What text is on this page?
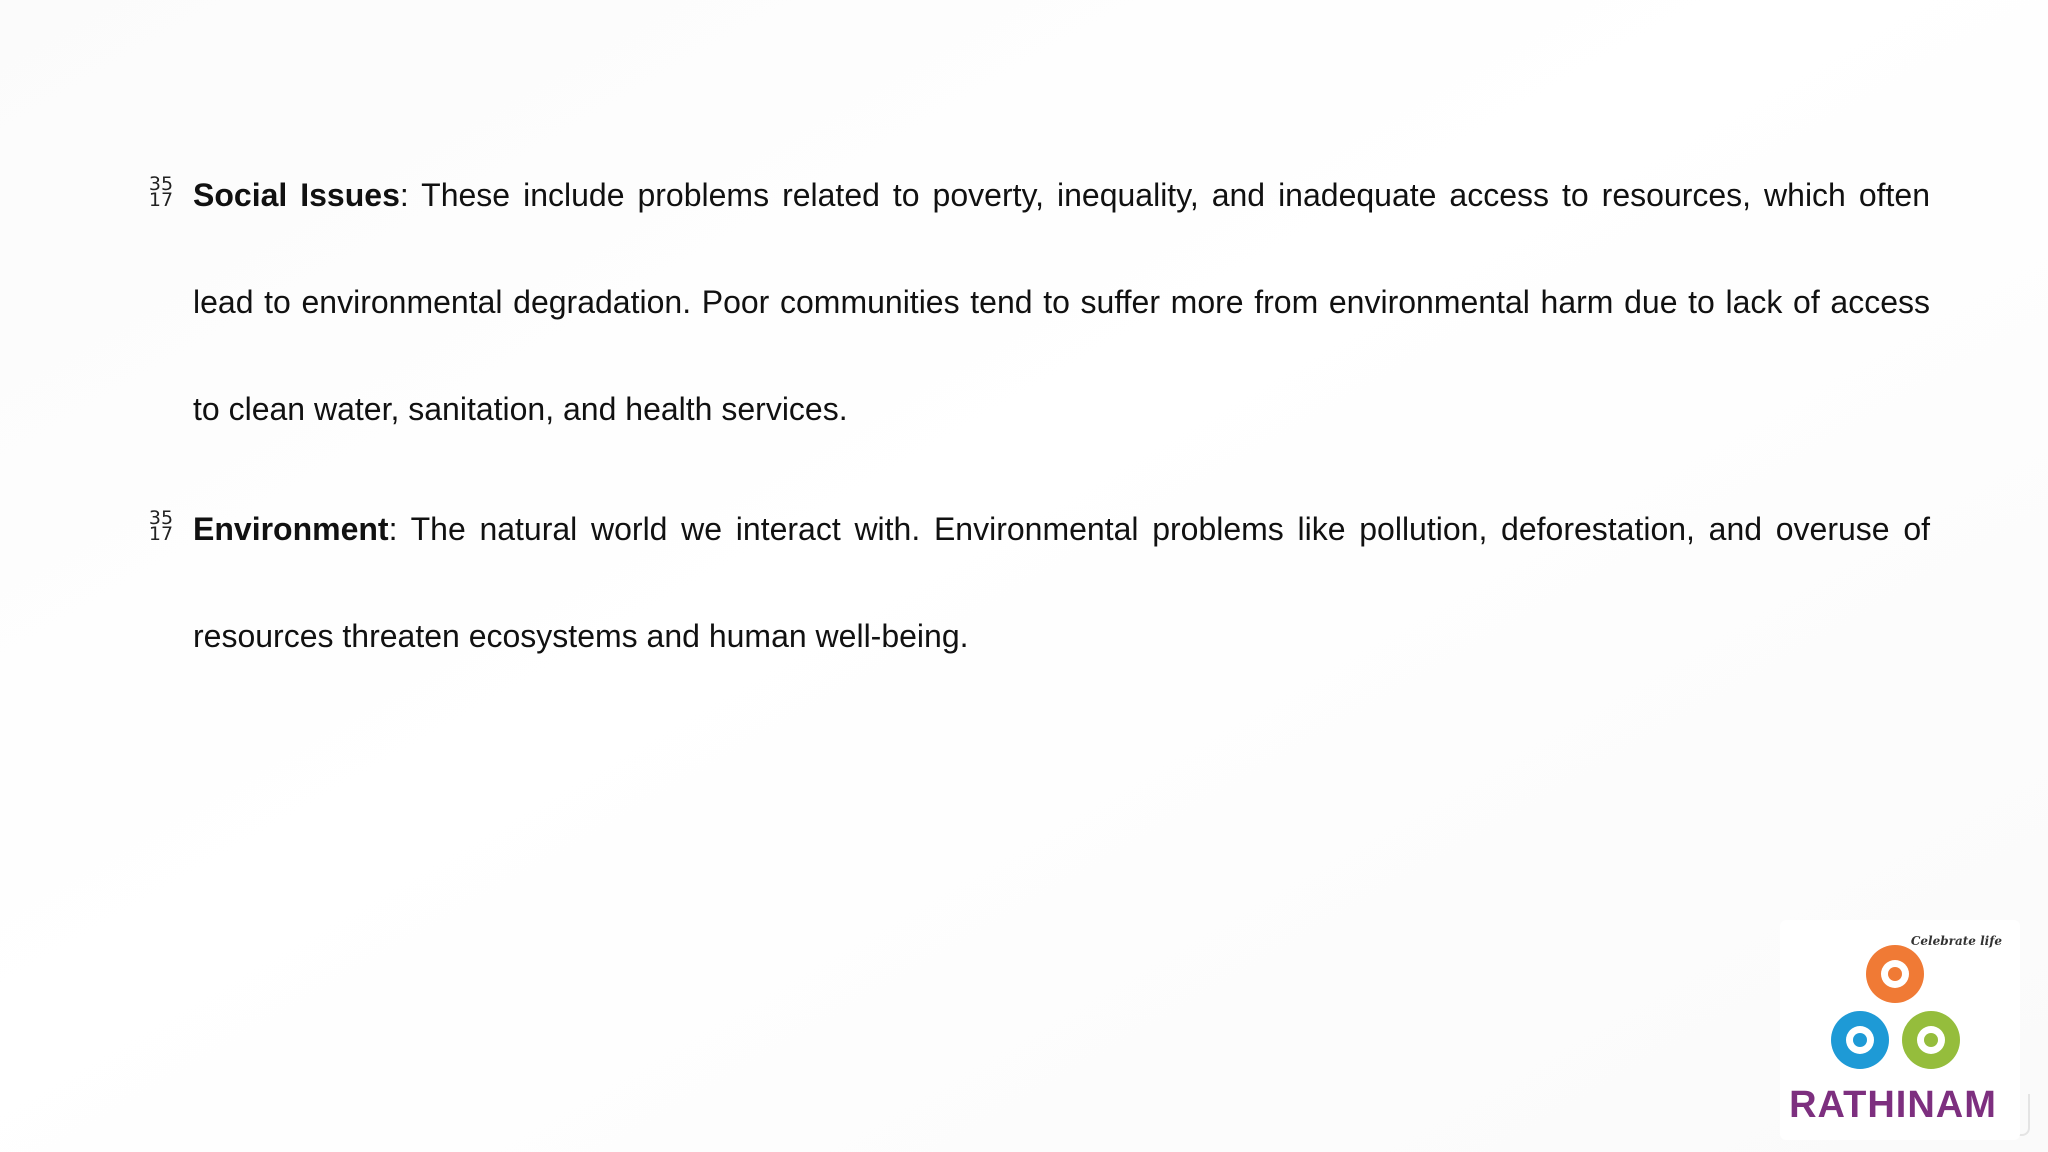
35
17 Social Issues: These include problems related to poverty, inequality, and inadequate access to resources, which often lead to environmental degradation. Poor communities tend to suffer more from environmental harm due to lack of access to clean water, sanitation, and health services.
35
17 Environment: The natural world we interact with. Environmental problems like pollution, deforestation, and overuse of resources threaten ecosystems and human well-being.
Celebrate life
RATHINAM
